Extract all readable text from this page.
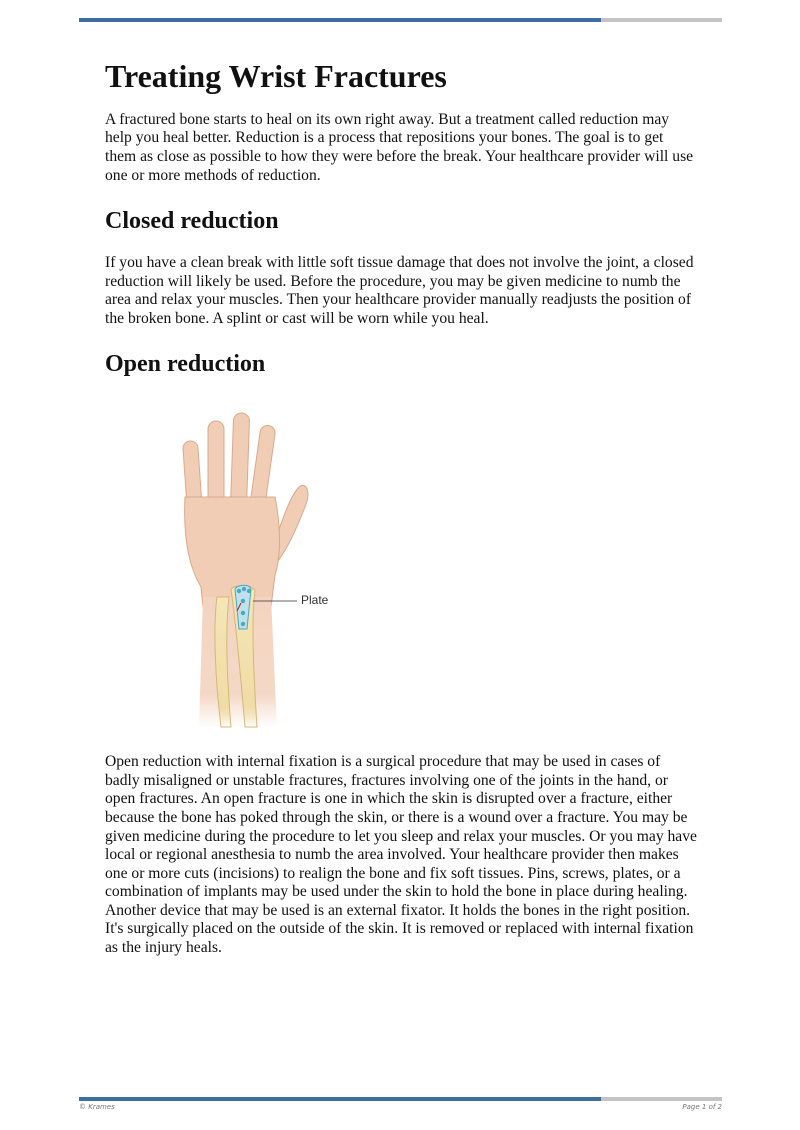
Treating Wrist Fractures

A fractured bone starts to heal on its own right away. But a treatment called reduction may help you heal better. Reduction is a process that repositions your bones. The goal is to get them as close as possible to how they were before the break. Your healthcare provider will use one or more methods of reduction.

Closed reduction

If you have a clean break with little soft tissue damage that does not involve the joint, a closed reduction will likely be used. Before the procedure, you may be given medicine to numb the area and relax your muscles. Then your healthcare provider manually readjusts the position of the broken bone. A splint or cast will be worn while you heal.

Open reduction
Plate

Open reduction with internal fixation is a surgical procedure that may be used in cases of badly misaligned or unstable fractures, fractures involving one of the joints in the hand, or open fractures. An open fracture is one in which the skin is disrupted over a fracture, either because the bone has poked through the skin, or there is a wound over a fracture. You may be given medicine during the procedure to let you sleep and relax your muscles. Or you may have local or regional anesthesia to numb the area involved. Your healthcare provider then makes one or more cuts (incisions) to realign the bone and fix soft tissues. Pins, screws, plates, or a combination of implants may be used under the skin to hold the bone in place during healing. Another device that may be used is an external fixator. It holds the bones in the right position. It's surgically placed on the outside of the skin. It is removed or replaced with internal fixation as the injury heals.

© Krames	Page 1 of 2
